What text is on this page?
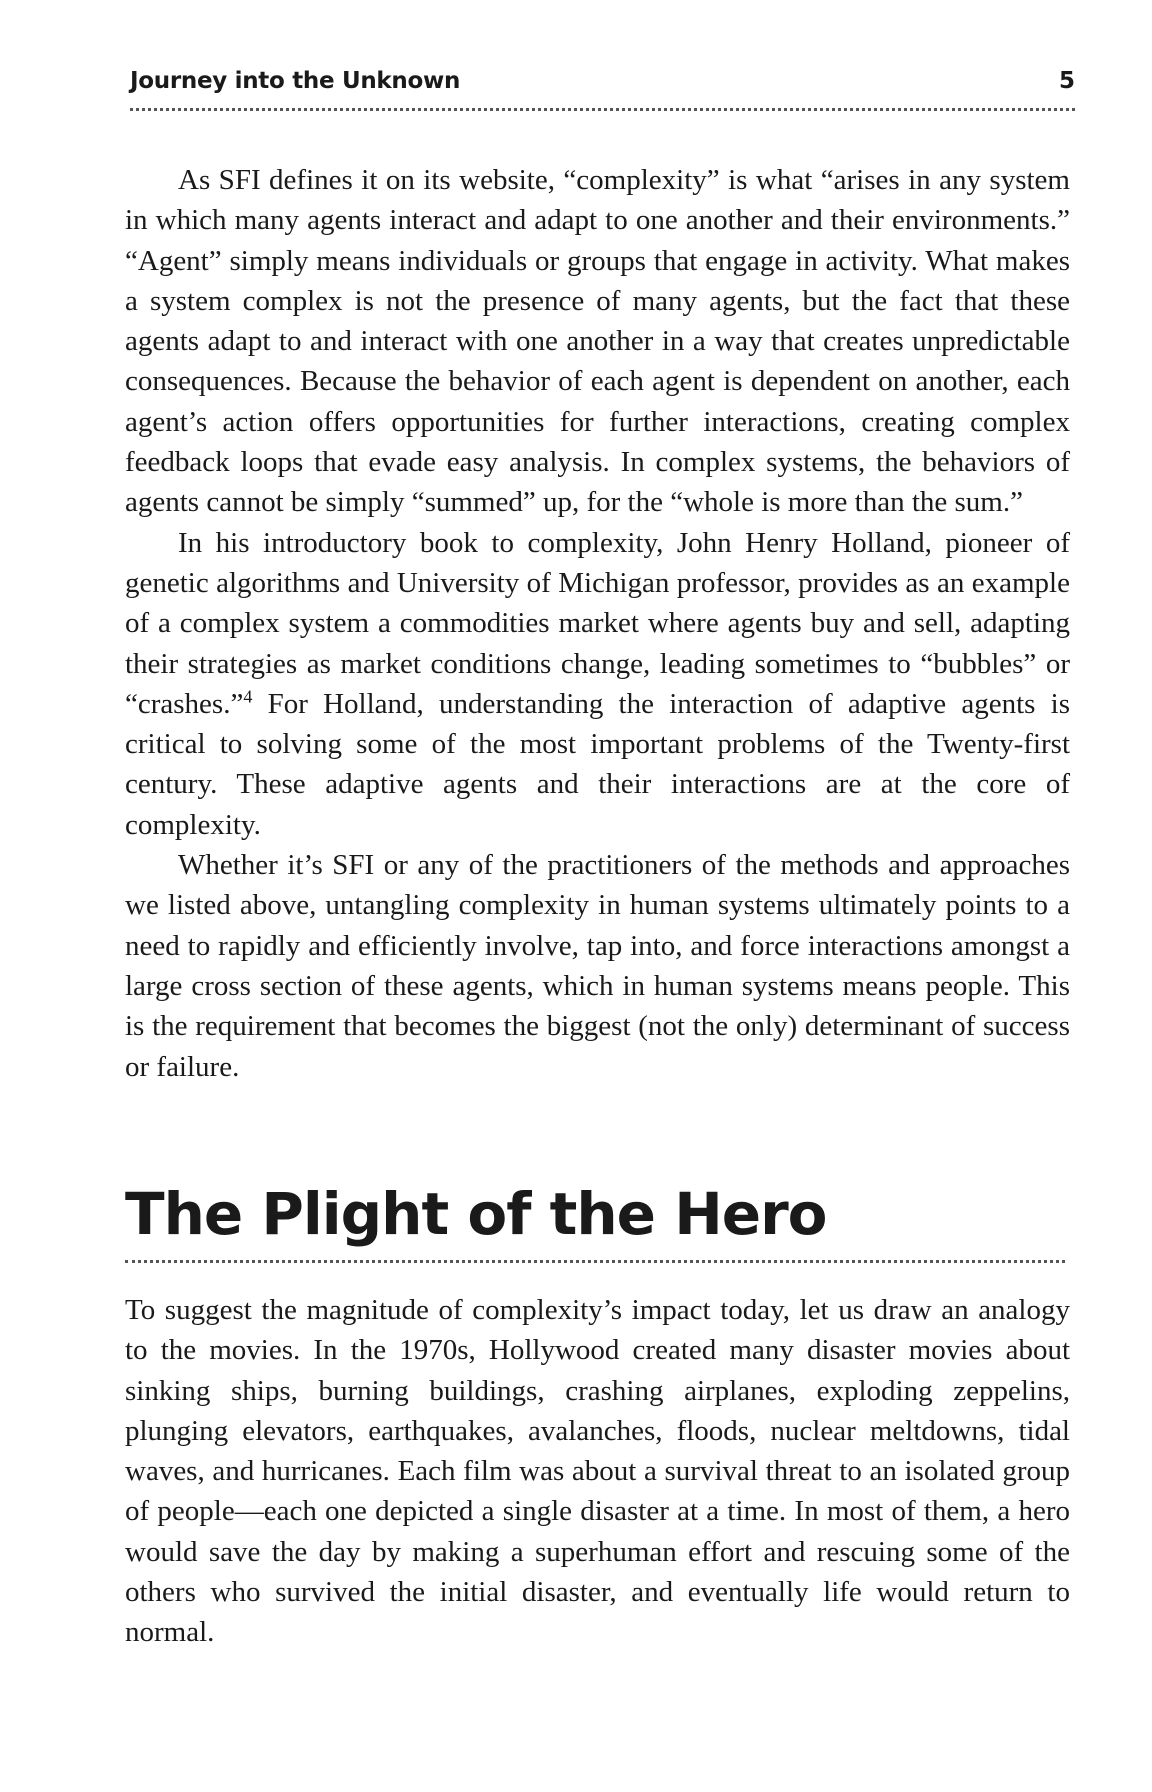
Journey into the Unknown	5

As SFI defines it on its website, “complexity” is what “arises in any system in which many agents interact and adapt to one another and their environments.” “Agent” simply means individuals or groups that engage in activity. What makes a system complex is not the presence of many agents, but the fact that these agents adapt to and interact with one another in a way that creates unpredictable consequences. Because the behavior of each agent is dependent on another, each agent’s action offers opportunities for further interactions, creating complex feedback loops that evade easy analysis. In complex systems, the behaviors of agents cannot be simply “summed” up, for the “whole is more than the sum.”

In his introductory book to complexity, John Henry Holland, pioneer of genetic algorithms and University of Michigan professor, provides as an example of a complex system a commodities market where agents buy and sell, adapting their strategies as market conditions change, leading sometimes to “bubbles” or “crashes.”$^4$ For Holland, understanding the interaction of adaptive agents is critical to solving some of the most important problems of the Twenty-first century. These adaptive agents and their interactions are at the core of complexity.

Whether it’s SFI or any of the practitioners of the methods and approaches we listed above, untangling complexity in human systems ultimately points to a need to rapidly and efficiently involve, tap into, and force interactions amongst a large cross section of these agents, which in human systems means people. This is the requirement that becomes the biggest (not the only) determinant of success or failure.

The Plight of the Hero

To suggest the magnitude of complexity’s impact today, let us draw an analogy to the movies. In the 1970s, Hollywood created many disaster movies about sinking ships, burning buildings, crashing airplanes, exploding zeppelins, plunging elevators, earthquakes, avalanches, floods, nuclear meltdowns, tidal waves, and hurricanes. Each film was about a survival threat to an isolated group of people—each one depicted a single disaster at a time. In most of them, a hero would save the day by making a superhuman effort and rescuing some of the others who survived the initial disaster, and eventually life would return to normal.
